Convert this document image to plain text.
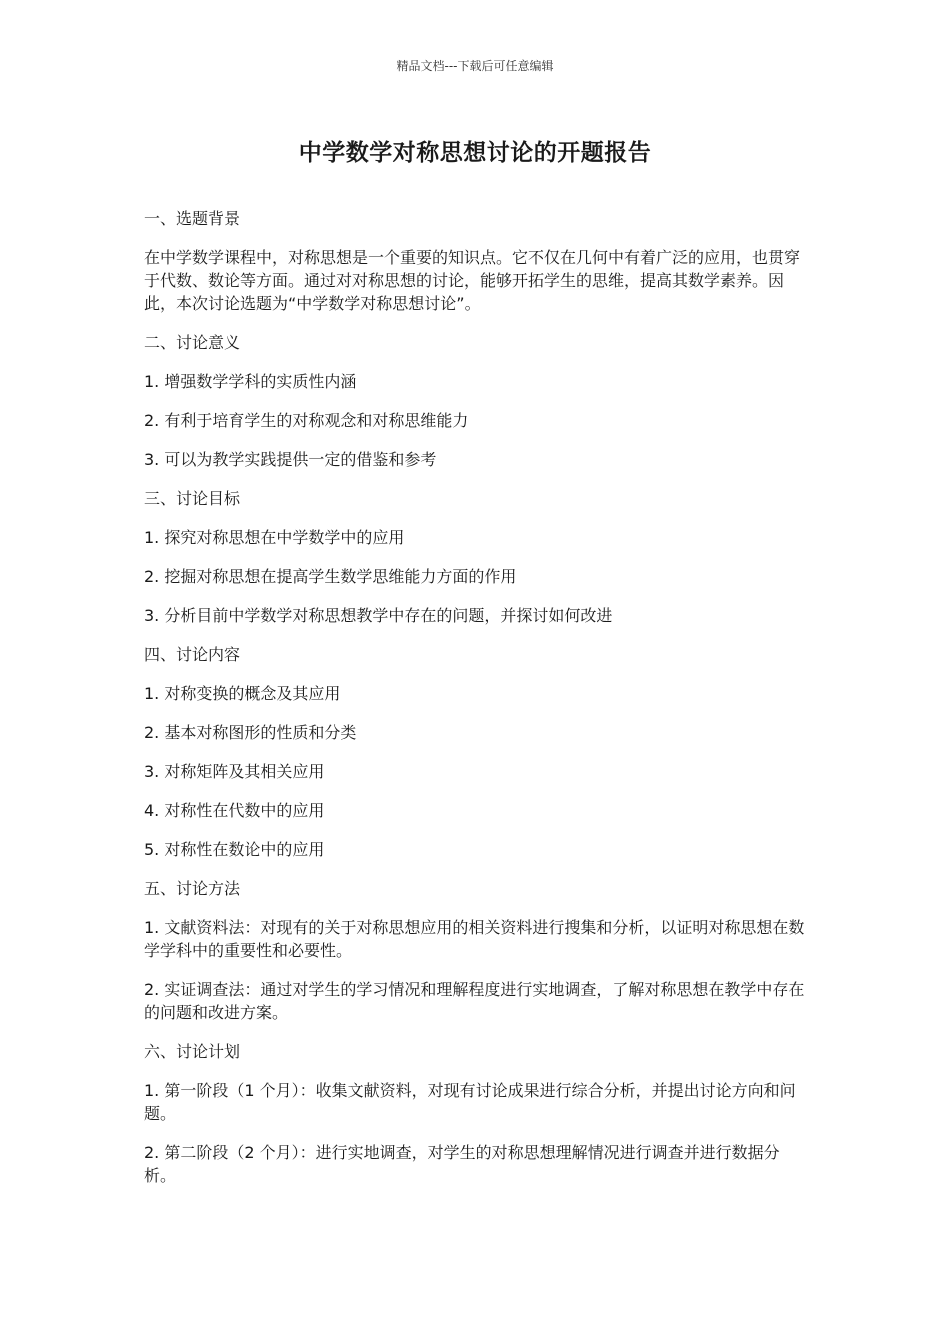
精品文档---下载后可任意编辑
中学数学对称思想讨论的开题报告

一、选题背景

在中学数学课程中，对称思想是一个重要的知识点。它不仅在几何中有着广泛的应用，也贯穿于代数、数论等方面。通过对对称思想的讨论，能够开拓学生的思维，提高其数学素养。因此，本次讨论选题为“中学数学对称思想讨论”。

二、讨论意义

1. 增强数学学科的实质性内涵

2. 有利于培育学生的对称观念和对称思维能力

3. 可以为教学实践提供一定的借鉴和参考

三、讨论目标

1. 探究对称思想在中学数学中的应用

2. 挖掘对称思想在提高学生数学思维能力方面的作用

3. 分析目前中学数学对称思想教学中存在的问题，并探讨如何改进

四、讨论内容

1. 对称变换的概念及其应用

2. 基本对称图形的性质和分类

3. 对称矩阵及其相关应用

4. 对称性在代数中的应用

5. 对称性在数论中的应用

五、讨论方法

1. 文献资料法：对现有的关于对称思想应用的相关资料进行搜集和分析，以证明对称思想在数学学科中的重要性和必要性。

2. 实证调查法：通过对学生的学习情况和理解程度进行实地调查，了解对称思想在教学中存在的问题和改进方案。

六、讨论计划

1. 第一阶段（1 个月）：收集文献资料，对现有讨论成果进行综合分析，并提出讨论方向和问题。

2. 第二阶段（2 个月）：进行实地调查，对学生的对称思想理解情况进行调查并进行数据分析。
